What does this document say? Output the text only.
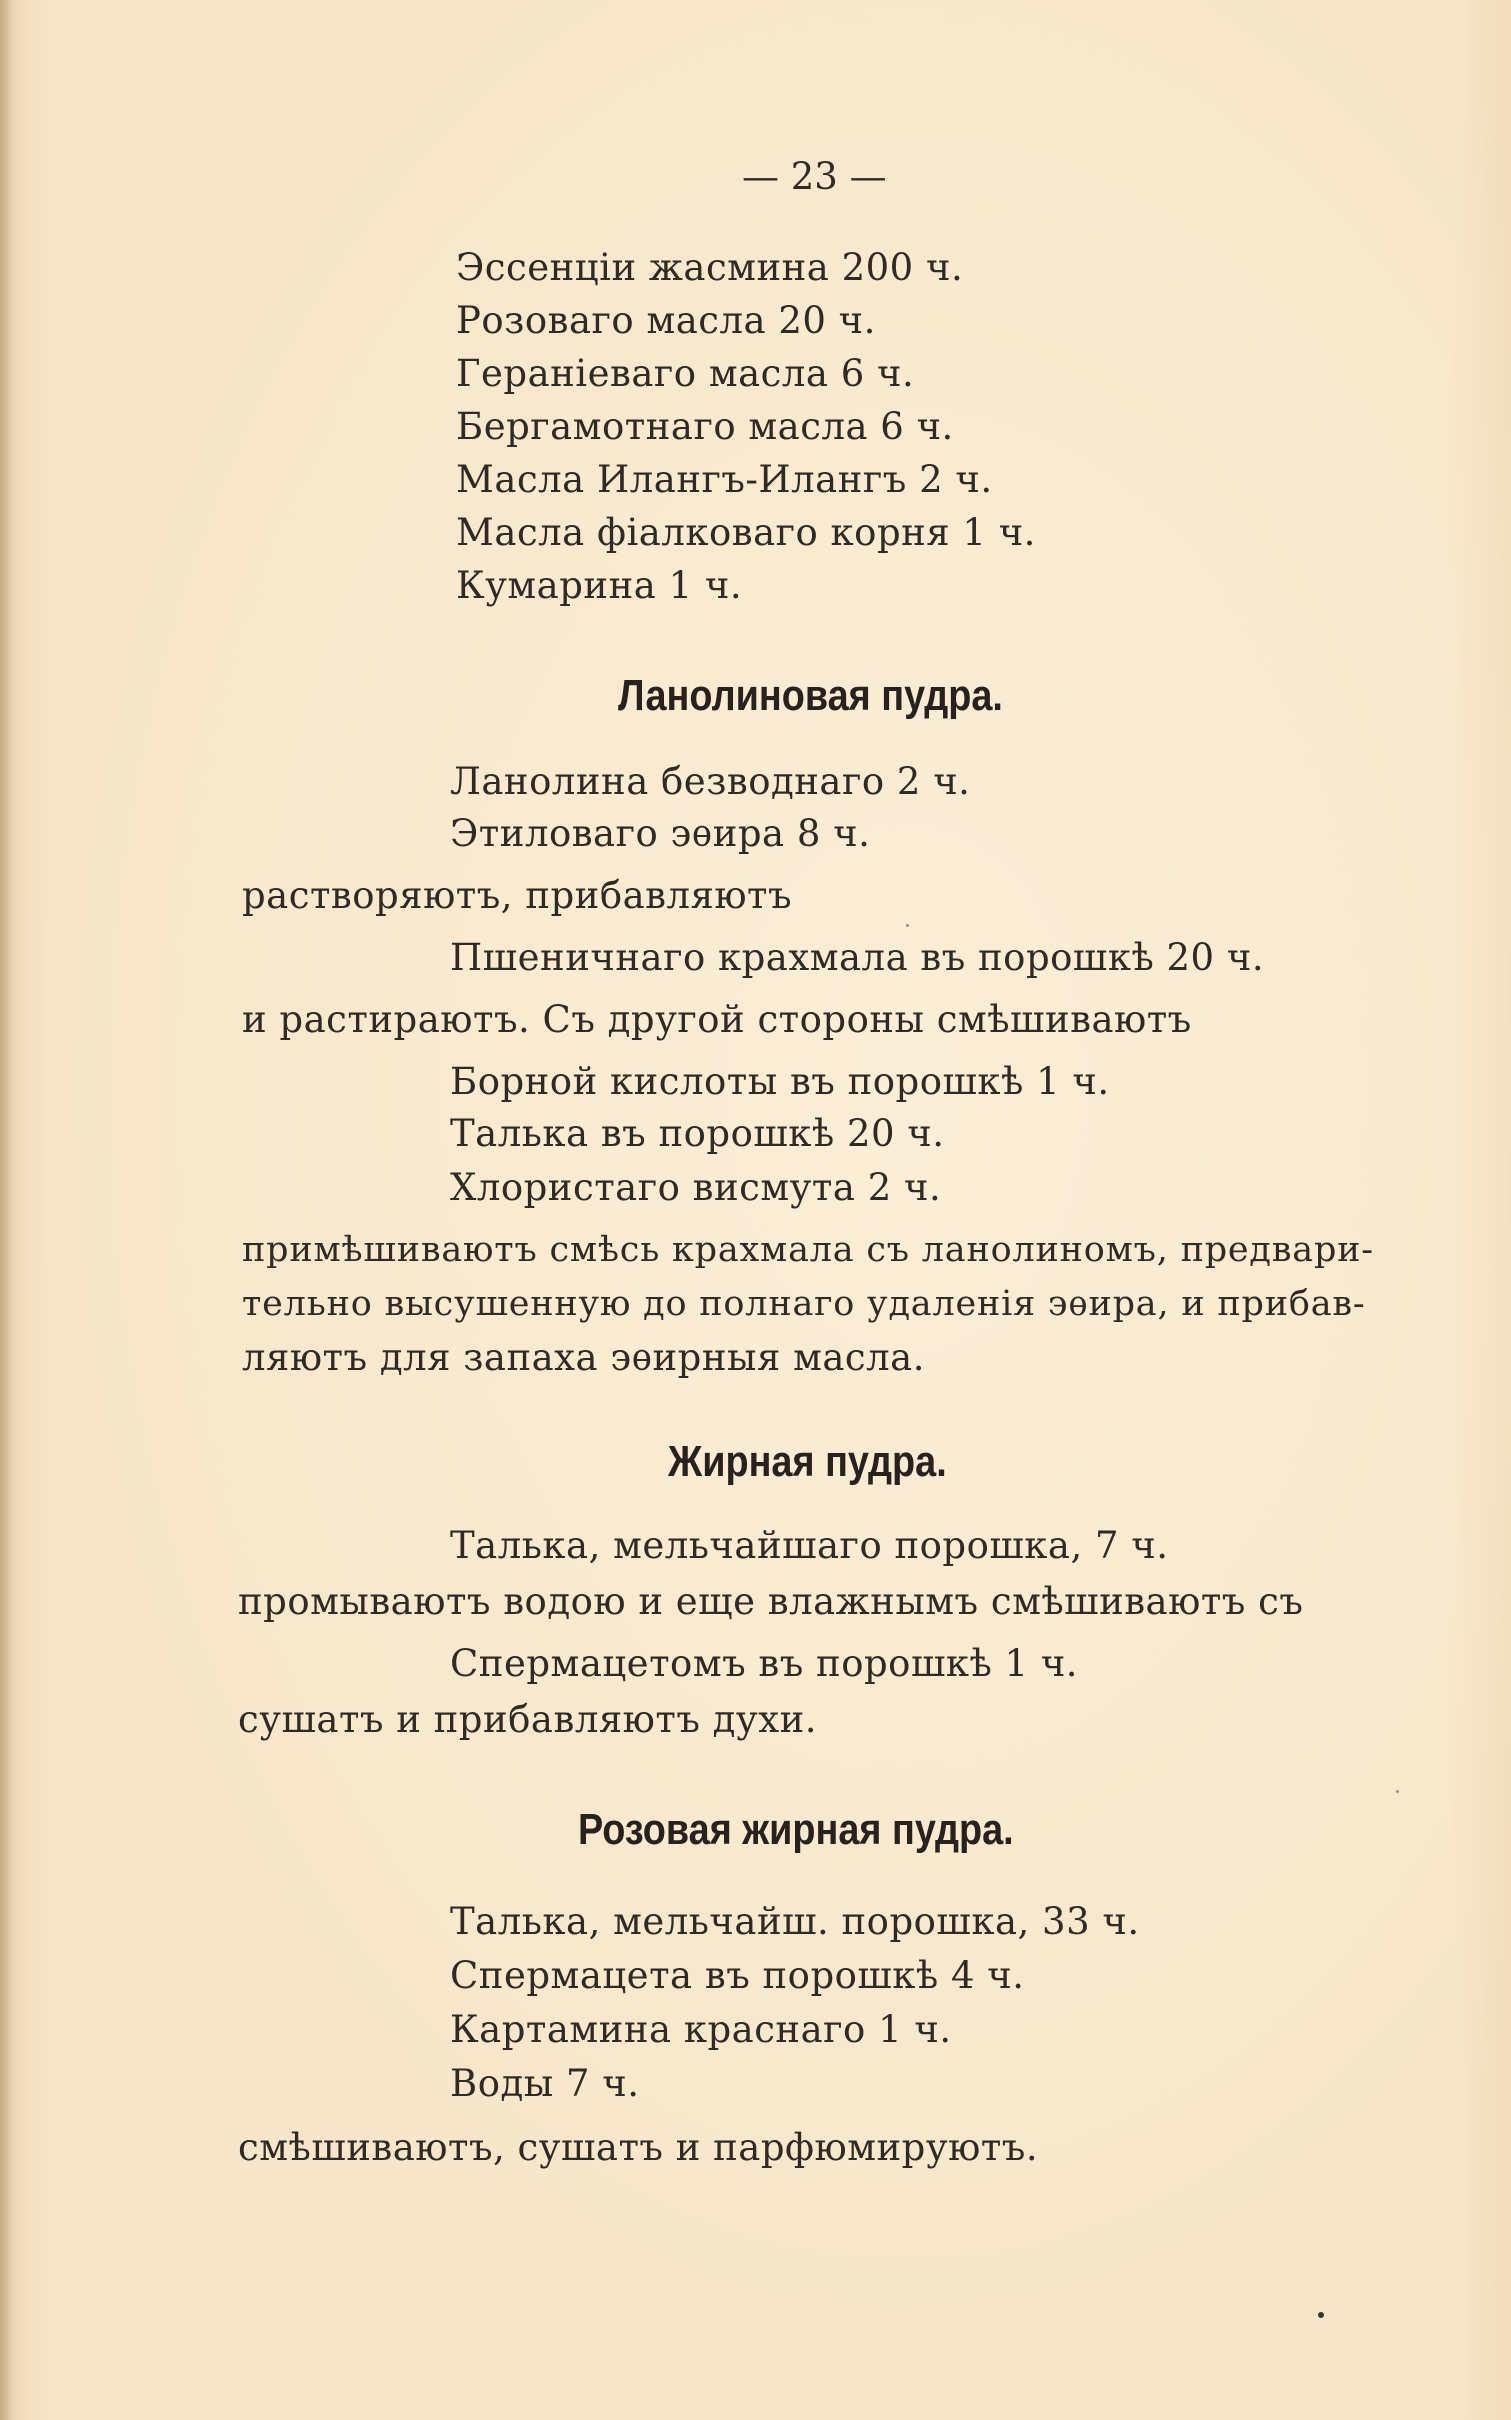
— 23 —
Эссенціи жасмина 200 ч.
Розоваго масла 20 ч.
Гераніеваго масла 6 ч.
Бергамотнаго масла 6 ч.
Масла Илангъ-Илангъ 2 ч.
Масла фіалковаго корня 1 ч.
Кумарина 1 ч.
Ланолиновая пудра.
Ланолина безводнаго 2 ч.
Этиловаго эѳира 8 ч.
растворяютъ, прибавляютъ
Пшеничнаго крахмала въ порошкѣ 20 ч.
и растираютъ. Съ другой стороны смѣшиваютъ
Борной кислоты въ порошкѣ 1 ч.
Талька въ порошкѣ 20 ч.
Хлористаго висмута 2 ч.
примѣшиваютъ смѣсь крахмала съ ланолиномъ, предвари-
тельно высушенную до полнаго удаленія эѳира, и прибав-
ляютъ для запаха эѳирныя масла.
Жирная пудра.
Талька, мельчайшаго порошка, 7 ч.
промываютъ водою и еще влажнымъ смѣшиваютъ съ
Спермацетомъ въ порошкѣ 1 ч.
сушатъ и прибавляютъ духи.
Розовая жирная пудра.
Талька, мельчайш. порошка, 33 ч.
Спермацета въ порошкѣ 4 ч.
Картамина краснаго 1 ч.
Воды 7 ч.
смѣшиваютъ, сушатъ и парфюмируютъ.
